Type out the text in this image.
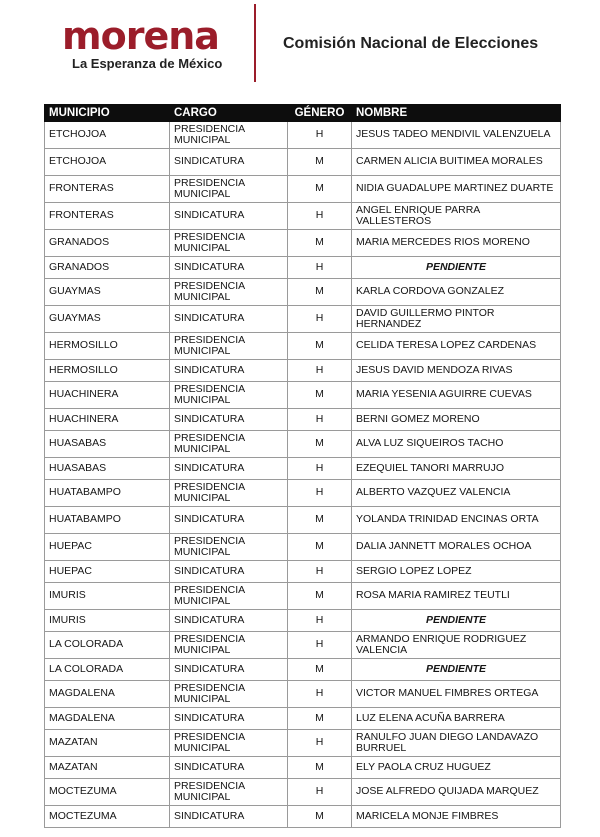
morena
La Esperanza de México
Comisión Nacional de Elecciones
MUNICIPIO	CARGO	GÉNERO	NOMBRE
ETCHOJOA	PRESIDENCIA MUNICIPAL	H	JESUS TADEO MENDIVIL VALENZUELA
ETCHOJOA	SINDICATURA	M	CARMEN ALICIA BUITIMEA MORALES
FRONTERAS	PRESIDENCIA MUNICIPAL	M	NIDIA GUADALUPE MARTINEZ DUARTE
FRONTERAS	SINDICATURA	H	ANGEL ENRIQUE PARRA VALLESTEROS
GRANADOS	PRESIDENCIA MUNICIPAL	M	MARIA MERCEDES RIOS MORENO
GRANADOS	SINDICATURA	H	PENDIENTE
GUAYMAS	PRESIDENCIA MUNICIPAL	M	KARLA CORDOVA GONZALEZ
GUAYMAS	SINDICATURA	H	DAVID GUILLERMO PINTOR HERNANDEZ
HERMOSILLO	PRESIDENCIA MUNICIPAL	M	CELIDA TERESA LOPEZ CARDENAS
HERMOSILLO	SINDICATURA	H	JESUS DAVID MENDOZA RIVAS
HUACHINERA	PRESIDENCIA MUNICIPAL	M	MARIA YESENIA AGUIRRE CUEVAS
HUACHINERA	SINDICATURA	H	BERNI GOMEZ MORENO
HUASABAS	PRESIDENCIA MUNICIPAL	M	ALVA LUZ SIQUEIROS TACHO
HUASABAS	SINDICATURA	H	EZEQUIEL TANORI MARRUJO
HUATABAMPO	PRESIDENCIA MUNICIPAL	H	ALBERTO VAZQUEZ VALENCIA
HUATABAMPO	SINDICATURA	M	YOLANDA TRINIDAD ENCINAS ORTA
HUEPAC	PRESIDENCIA MUNICIPAL	M	DALIA JANNETT MORALES OCHOA
HUEPAC	SINDICATURA	H	SERGIO LOPEZ LOPEZ
IMURIS	PRESIDENCIA MUNICIPAL	M	ROSA MARIA RAMIREZ TEUTLI
IMURIS	SINDICATURA	H	PENDIENTE
LA COLORADA	PRESIDENCIA MUNICIPAL	H	ARMANDO ENRIQUE RODRIGUEZ VALENCIA
LA COLORADA	SINDICATURA	M	PENDIENTE
MAGDALENA	PRESIDENCIA MUNICIPAL	H	VICTOR MANUEL FIMBRES ORTEGA
MAGDALENA	SINDICATURA	M	LUZ ELENA ACUÑA BARRERA
MAZATAN	PRESIDENCIA MUNICIPAL	H	RANULFO JUAN DIEGO LANDAVAZO BURRUEL
MAZATAN	SINDICATURA	M	ELY PAOLA CRUZ HUGUEZ
MOCTEZUMA	PRESIDENCIA MUNICIPAL	H	JOSE ALFREDO QUIJADA MARQUEZ
MOCTEZUMA	SINDICATURA	M	MARICELA MONJE FIMBRES
